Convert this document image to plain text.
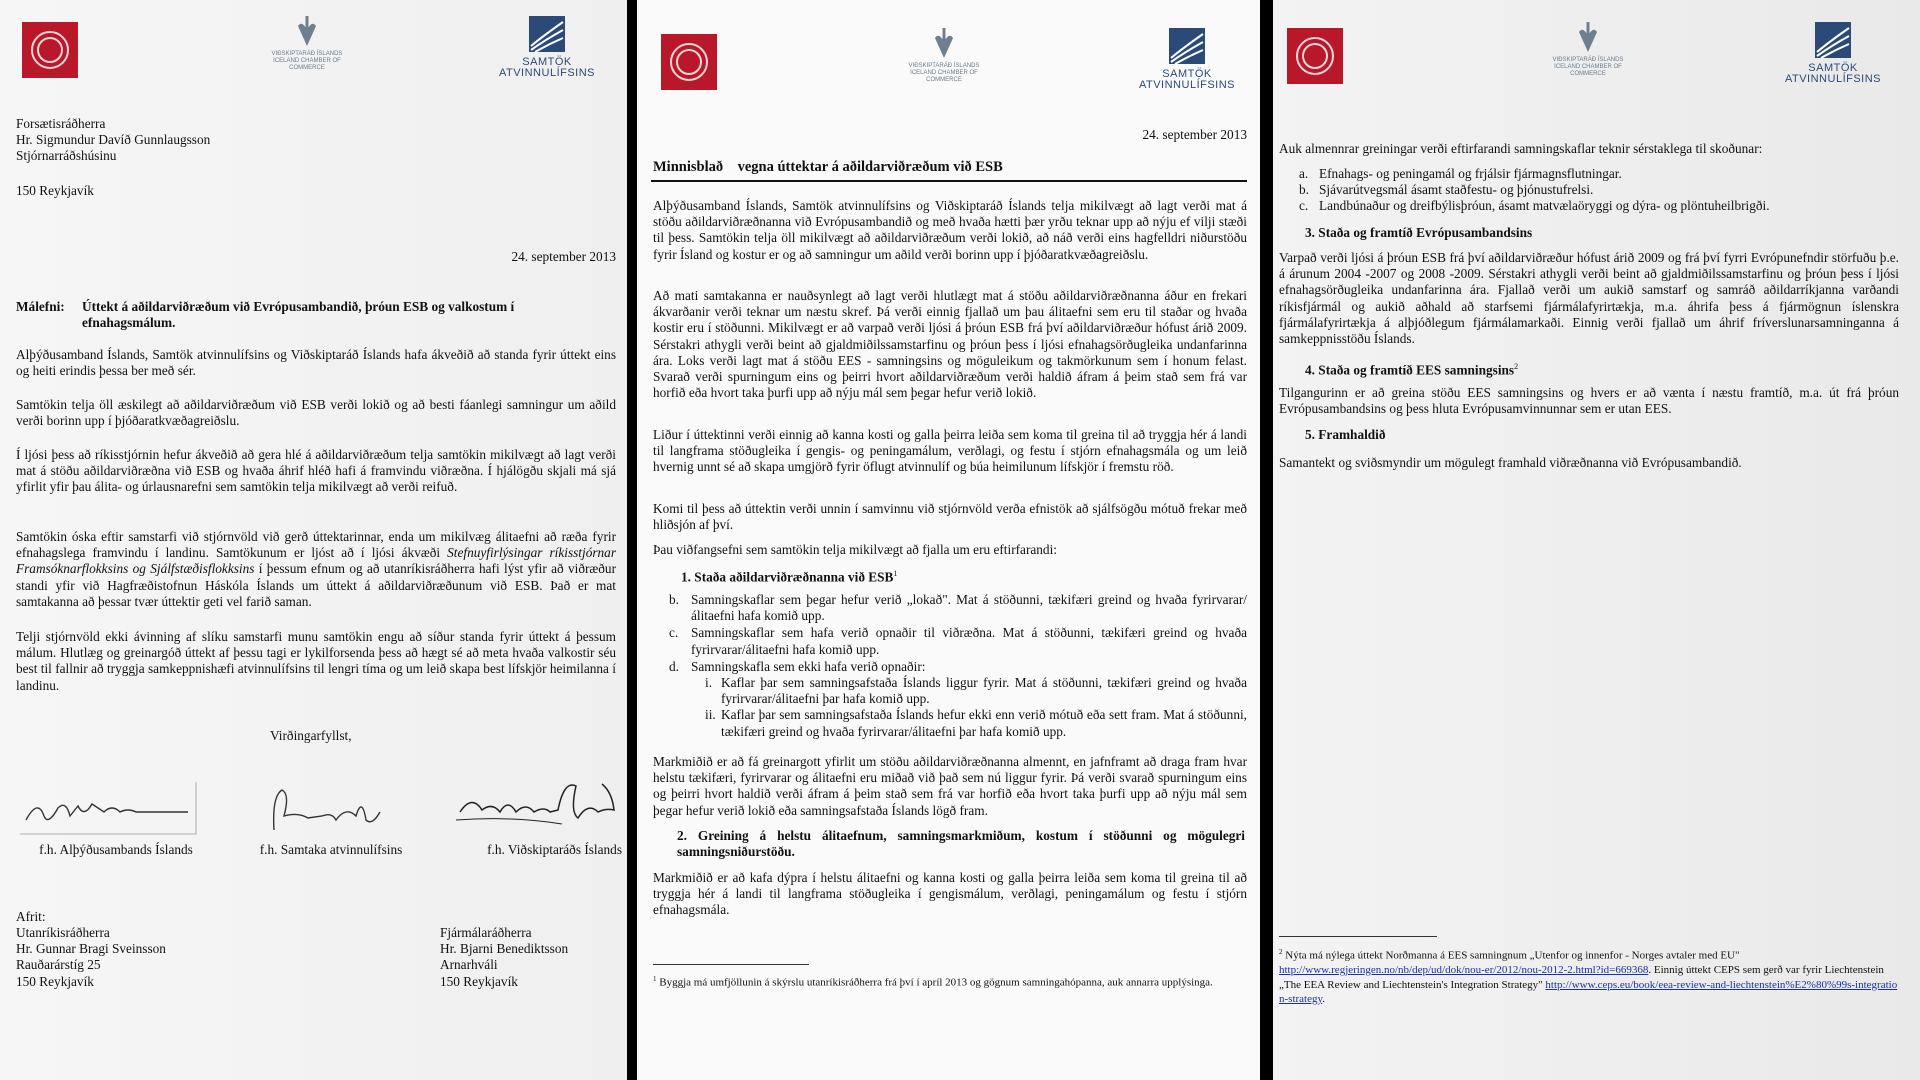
VIÐSKIPTARÁÐ ÍSLANDS
ICELAND CHAMBER OF COMMERCE	SAMTÖK
ATVINNULÍFSINS
Forsætisráðherra
Hr. Sigmundur Davíð Gunnlaugsson
Stjórnarráðshúsinu
150 Reykjavík
24. september 2013
Málefni:	Úttekt á aðildarviðræðum við Evrópusambandið, þróun ESB og valkostum í efnahagsmálum.
Alþýðusamband Íslands, Samtök atvinnulífsins og Viðskiptaráð Íslands hafa ákveðið að standa fyrir úttekt eins og heiti erindis þessa ber með sér.
Samtökin telja öll æskilegt að aðildarviðræðum við ESB verði lokið og að besti fáanlegi samningur um aðild verði borinn upp í þjóðaratkvæðagreiðslu.
Í ljósi þess að ríkisstjórnin hefur ákveðið að gera hlé á aðildarviðræðum telja samtökin mikilvægt að lagt verði mat á stöðu aðildarviðræðna við ESB og hvaða áhrif hléð hafi á framvindu viðræðna. Í hjálögðu skjali má sjá yfirlit yfir þau álita- og úrlausnarefni sem samtökin telja mikilvægt að verði reifuð.
Samtökin óska eftir samstarfi við stjórnvöld við gerð úttektarinnar, enda um mikilvæg álitaefni að ræða fyrir efnahagslega framvindu í landinu. Samtökunum er ljóst að í ljósi ákvæði Stefnuyfirlýsingar ríkisstjórnar Framsóknarflokksins og Sjálfstæðisflokksins í þessum efnum og að utanríkisráðherra hafi lýst yfir að viðræður standi yfir við Hagfræðistofnun Háskóla Íslands um úttekt á aðildarviðræðunum við ESB. Það er mat samtakanna að þessar tvær úttektir geti vel farið saman.
Telji stjórnvöld ekki ávinning af slíku samstarfi munu samtökin engu að síður standa fyrir úttekt á þessum málum. Hlutlæg og greinargóð úttekt af þessu tagi er lykilforsenda þess að hægt sé að meta hvaða valkostir séu best til fallnir að tryggja samkeppnishæfi atvinnulífsins til lengri tíma og um leið skapa best lífskjör heimilanna í landinu.
Virðingarfyllst,
f.h. Alþýðusambands Íslands	f.h. Samtaka atvinnulífsins	f.h. Viðskiptaráðs Íslands
Afrit:
Utanríkisráðherra
Hr. Gunnar Bragi Sveinsson
Rauðarárstíg 25
150 Reykjavík
Fjármálaráðherra
Hr. Bjarni Benediktsson
Arnarhváli
150 Reykjavík
VIÐSKIPTARÁÐ ÍSLANDS
ICELAND CHAMBER OF COMMERCE	SAMTÖK
ATVINNULÍFSINS
24. september 2013
Minnisblað    vegna úttektar á aðildarviðræðum við ESB
Alþýðusamband Íslands, Samtök atvinnulífsins og Viðskiptaráð Íslands telja mikilvægt að lagt verði mat á stöðu aðildarviðræðnanna við Evrópusambandið og með hvaða hætti þær yrðu teknar upp að nýju ef vilji stæði til þess. Samtökin telja öll mikilvægt að aðildarviðræðum verði lokið, að náð verði eins hagfelldri niðurstöðu fyrir Ísland og kostur er og að samningur um aðild verði borinn upp í þjóðaratkvæðagreiðslu.
Að mati samtakanna er nauðsynlegt að lagt verði hlutlægt mat á stöðu aðildarviðræðnanna áður en frekari ákvarðanir verði teknar um næstu skref. Þá verði einnig fjallað um þau álitaefni sem eru til staðar og hvaða kostir eru í stöðunni. Mikilvægt er að varpað verði ljósi á þróun ESB frá því aðildarviðræður hófust árið 2009. Sérstakri athygli verði beint að gjaldmiðilssamstarfinu og þróun þess í ljósi efnahagsörðugleika undanfarinna ára. Loks verði lagt mat á stöðu EES - samningsins og möguleikum og takmörkunum sem í honum felast. Svarað verði spurningum eins og þeirri hvort aðildarviðræðum verði haldið áfram á þeim stað sem frá var horfið eða hvort taka þurfi upp að nýju mál sem þegar hefur verið lokið.
Liður í úttektinni verði einnig að kanna kosti og galla þeirra leiða sem koma til greina til að tryggja hér á landi til langframa stöðugleika í gengis- og peningamálum, verðlagi, og festu í stjórn efnahagsmála og um leið hvernig unnt sé að skapa umgjörð fyrir öflugt atvinnulíf og búa heimilunum lífskjör í fremstu röð.
Komi til þess að úttektin verði unnin í samvinnu við stjórnvöld verða efnistök að sjálfsögðu mótuð frekar með hliðsjón af því.
Þau viðfangsefni sem samtökin telja mikilvægt að fjalla um eru eftirfarandi:
1. Staða aðildarviðræðnanna við ESB$^1$
b. Samningskaflar sem þegar hefur verið „lokað". Mat á stöðunni, tækifæri greind og hvaða fyrirvarar/álitaefni hafa komið upp.
c. Samningskaflar sem hafa verið opnaðir til viðræðna. Mat á stöðunni, tækifæri greind og hvaða fyrirvarar/álitaefni hafa komið upp.
d. Samningskafla sem ekki hafa verið opnaðir:
i. Kaflar þar sem samningsafstaða Íslands liggur fyrir. Mat á stöðunni, tækifæri greind og hvaða fyrirvarar/álitaefni þar hafa komið upp.
ii. Kaflar þar sem samningsafstaða Íslands hefur ekki enn verið mótuð eða sett fram. Mat á stöðunni, tækifæri greind og hvaða fyrirvarar/álitaefni þar hafa komið upp.
Markmiðið er að fá greinargott yfirlit um stöðu aðildarviðræðnanna almennt, en jafnframt að draga fram hvar helstu tækifæri, fyrirvarar og álitaefni eru miðað við það sem nú liggur fyrir. Þá verði svarað spurningum eins og þeirri hvort haldið verði áfram á þeim stað sem frá var horfið eða hvort taka þurfi upp að nýju mál sem þegar hefur verið lokið eða samningsafstaða Íslands lögð fram.
2. Greining á helstu álitaefnum, samningsmarkmiðum, kostum í stöðunni og mögulegri samningsniðurstöðu.
Markmiðið er að kafa dýpra í helstu álitaefni og kanna kosti og galla þeirra leiða sem koma til greina til að tryggja hér á landi til langframa stöðugleika í gengismálum, verðlagi, peningamálum og festu í stjórn efnahagsmála.
$^1$ Byggja má umfjöllunin á skýrslu utanríkisráðherra frá því í apríl 2013 og gögnum samningahópanna, auk annarra upplýsinga.
VIÐSKIPTARÁÐ ÍSLANDS
ICELAND CHAMBER OF COMMERCE	SAMTÖK
ATVINNULÍFSINS
Auk almennrar greiningar verði eftirfarandi samningskaflar teknir sérstaklega til skoðunar:
a. Efnahags- og peningamál og frjálsir fjármagnsflutningar.
b. Sjávarútvegsmál ásamt staðfestu- og þjónustufrelsi.
c. Landbúnaður og dreifbýlisþróun, ásamt matvælaöryggi og dýra- og plöntuheilbrigði.
3. Staða og framtíð Evrópusambandsins
Varpað verði ljósi á þróun ESB frá því aðildarviðræður hófust árið 2009 og frá því fyrri Evrópunefndir störfuðu þ.e. á árunum 2004 -2007 og 2008 -2009. Sérstakri athygli verði beint að gjaldmiðilssamstarfinu og þróun þess í ljósi efnahagsörðugleika undanfarinna ára. Fjallað verði um aukið samstarf og samráð aðildarríkjanna varðandi ríkisfjármál og aukið aðhald að starfsemi fjármálafyrirtækja, m.a. áhrifa þess á fjármögnun íslenskra fjármálafyrirtækja á alþjóðlegum fjármálamarkaði. Einnig verði fjallað um áhrif fríverslunarsamninganna á samkeppnisstöðu Íslands.
4. Staða og framtíð EES samningsins$^2$
Tilgangurinn er að greina stöðu EES samningsins og hvers er að vænta í næstu framtíð, m.a. út frá þróun Evrópusambandsins og þess hluta Evrópusamvinnunnar sem er utan EES.
5. Framhaldið
Samantekt og sviðsmyndir um mögulegt framhald viðræðnanna við Evrópusambandið.
$^2$ Nýta má nýlega úttekt Norðmanna á EES samningnum „Utenfor og innenfor - Norges avtaler med EU" http://www.regjeringen.no/nb/dep/ud/dok/nou-er/2012/nou-2012-2.html?id=669368. Einnig úttekt CEPS sem gerð var fyrir Liechtenstein „The EEA Review and Liechtenstein's Integration Strategy" http://www.ceps.eu/book/eea-review-and-liechtenstein%E2%80%99s-integration-strategy.
